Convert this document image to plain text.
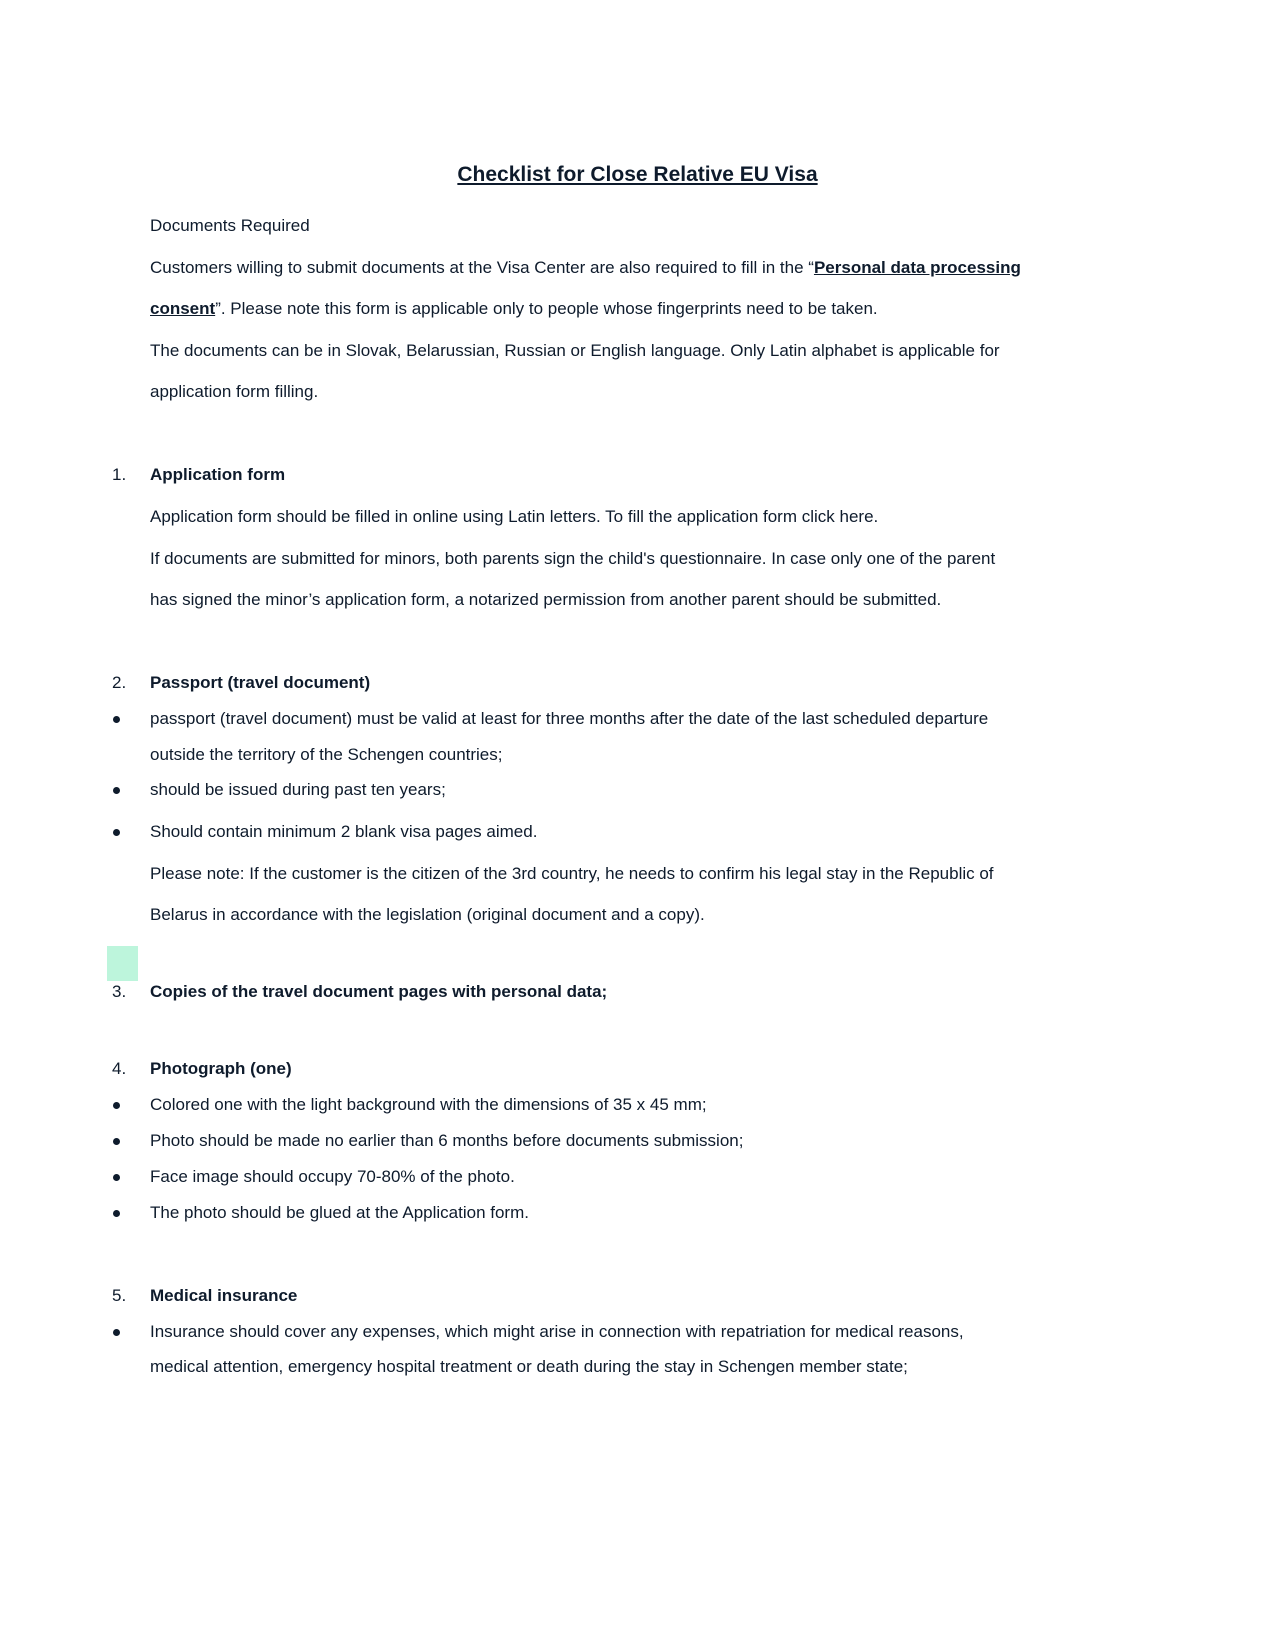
Checklist for Close Relative EU Visa
Documents Required
Customers willing to submit documents at the Visa Center are also required to fill in the “Personal data processing
consent”. Please note this form is applicable only to people whose fingerprints need to be taken.
The documents can be in Slovak, Belarussian, Russian or English language. Only Latin alphabet is applicable for
application form filling.
1. Application form
Application form should be filled in online using Latin letters. To fill the application form click here.
If documents are submitted for minors, both parents sign the child's questionnaire. In case only one of the parent
has signed the minor’s application form, a notarized permission from another parent should be submitted.
2. Passport (travel document)
passport (travel document) must be valid at least for three months after the date of the last scheduled departure
outside the territory of the Schengen countries;
should be issued during past ten years;
Should contain minimum 2 blank visa pages aimed.
Please note: If the customer is the citizen of the 3rd country, he needs to confirm his legal stay in the Republic of
Belarus in accordance with the legislation (original document and a copy).
3. Copies of the travel document pages with personal data;
4. Photograph (one)
Colored one with the light background with the dimensions of 35 x 45 mm;
Photo should be made no earlier than 6 months before documents submission;
Face image should occupy 70-80% of the photo.
The photo should be glued at the Application form.
5. Medical insurance
Insurance should cover any expenses, which might arise in connection with repatriation for medical reasons,
medical attention, emergency hospital treatment or death during the stay in Schengen member state;
